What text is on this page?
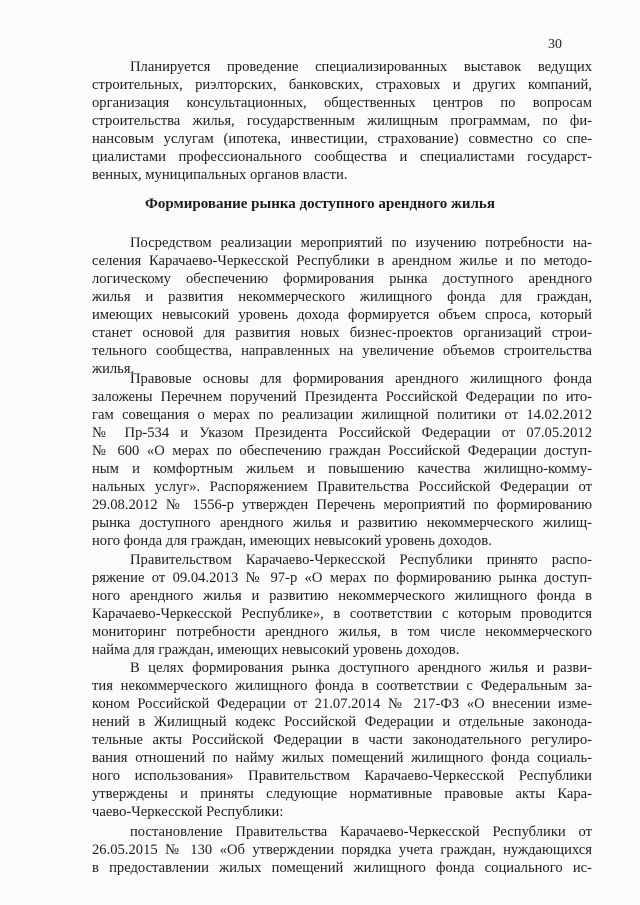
30
Планируется проведение специализированных выставок ведущих
строительных, риэлторских, банковских, страховых и других компаний,
организация консультационных, общественных центров по вопросам
строительства жилья, государственным жилищным программам, по фи-
нансовым услугам (ипотека, инвестиции, страхование) совместно со спе-
циалистами профессионального сообщества и специалистами государст-
венных, муниципальных органов власти.
Формирование рынка доступного арендного жилья
Посредством реализации мероприятий по изучению потребности на-
селения Карачаево-Черкесской Республики в арендном жилье и по методо-
логическому обеспечению формирования рынка доступного арендного
жилья и развития некоммерческого жилищного фонда для граждан,
имеющих невысокий уровень дохода формируется объем спроса, который
станет основой для развития новых бизнес-проектов организаций строи-
тельного сообщества, направленных на увеличение объемов строительства
жилья.
Правовые основы для формирования арендного жилищного фонда
заложены Перечнем поручений Президента Российской Федерации по ито-
гам совещания о мерах по реализации жилищной политики от 14.02.2012
№ Пр-534 и Указом Президента Российской Федерации от 07.05.2012
№ 600 «О мерах по обеспечению граждан Российской Федерации доступ-
ным и комфортным жильем и повышению качества жилищно-комму-
нальных услуг». Распоряжением Правительства Российской Федерации от
29.08.2012 № 1556-р утвержден Перечень мероприятий по формированию
рынка доступного арендного жилья и развитию некоммерческого жилищ-
ного фонда для граждан, имеющих невысокий уровень доходов.
Правительством Карачаево-Черкесской Республики принято распо-
ряжение от 09.04.2013 № 97-р «О мерах по формированию рынка доступ-
ного арендного жилья и развитию некоммерческого жилищного фонда в
Карачаево-Черкесской Республике», в соответствии с которым проводится
мониторинг потребности арендного жилья, в том числе некоммерческого
найма для граждан, имеющих невысокий уровень доходов.
В целях формирования рынка доступного арендного жилья и разви-
тия некоммерческого жилищного фонда в соответствии с Федеральным за-
коном Российской Федерации от 21.07.2014 № 217-ФЗ «О внесении изме-
нений в Жилищный кодекс Российской Федерации и отдельные законода-
тельные акты Российской Федерации в части законодательного регулиро-
вания отношений по найму жилых помещений жилищного фонда социаль-
ного использования» Правительством Карачаево-Черкесской Республики
утверждены и приняты следующие нормативные правовые акты Кара-
чаево-Черкесской Республики:
постановление Правительства Карачаево-Черкесской Республики от
26.05.2015 № 130 «Об утверждении порядка учета граждан, нуждающихся
в предоставлении жилых помещений жилищного фонда социального ис-
